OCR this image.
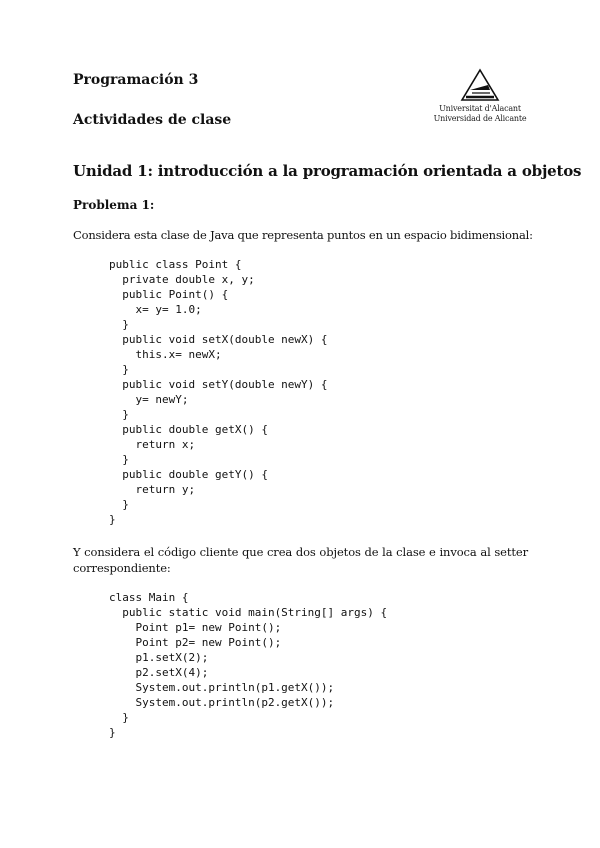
Programación 3
Actividades de clase
Universitat d'Alacant
Universidad de Alicante
Unidad 1: introducción a la programación orientada a objetos
Problema 1:

Considera esta clase de Java que representa puntos en un espacio bidimensional:

public class Point {
private double x, y;
public Point() {
x= y= 1.0;
}
public void setX(double newX) {
this.x= newX;
}
public void setY(double newY) {
y= newY;
}
public double getX() {
return x;
}
public double getY() {
return y;
}
}

Y considera el código cliente que crea dos objetos de la clase e invoca al setter correspondiente:

class Main {
public static void main(String[] args) {
Point p1= new Point();
Point p2= new Point();
p1.setX(2);
p2.setX(4);
System.out.println(p1.getX());
System.out.println(p2.getX());
}
}
